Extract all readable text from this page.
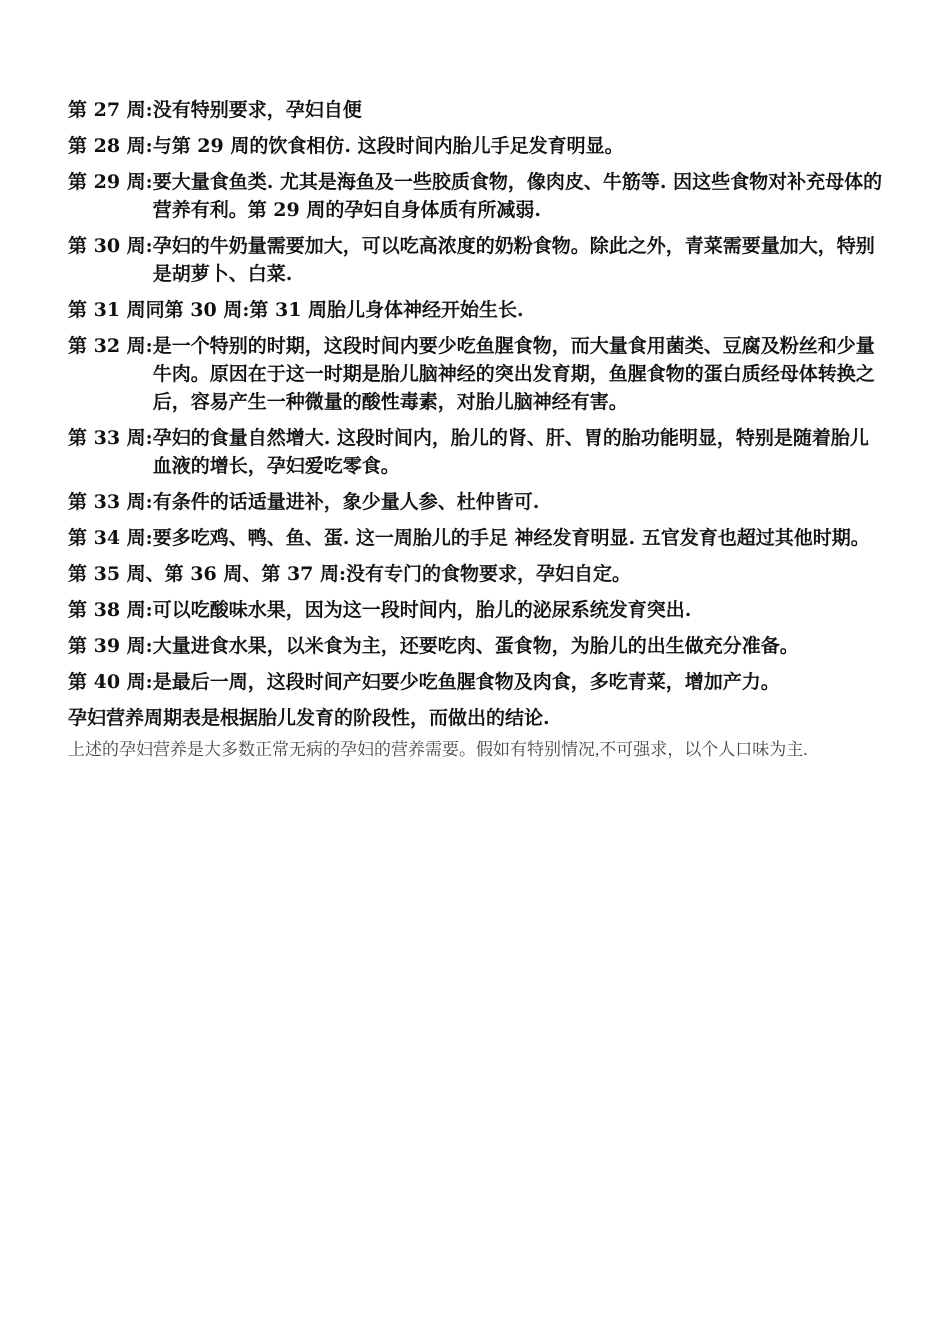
第 27 周: 没有特别要求，孕妇自便
第 28 周: 与第 29 周的饮食相仿. 这段时间内胎儿手足发育明显。
第 29 周: 要大量食鱼类. 尤其是海鱼及一些胶质食物，像肉皮、牛筋等. 因这些食物对补充母体的营养有利。第 29 周的孕妇自身体质有所减弱.
第 30 周: 孕妇的牛奶量需要加大，可以吃高浓度的奶粉食物。除此之外，青菜需要量加大，特别是胡萝卜、白菜.
第 31 周同第 30 周: 第 31 周胎儿身体神经开始生长.
第 32 周: 是一个特别的时期，这段时间内要少吃鱼腥食物，而大量食用菌类、豆腐及粉丝和少量牛肉。原因在于这一时期是胎儿脑神经的突出发育期，鱼腥食物的蛋白质经母体转换之后，容易产生一种微量的酸性毒素，对胎儿脑神经有害。
第 33 周: 孕妇的食量自然增大. 这段时间内，胎儿的肾、肝、胃的胎功能明显，特别是随着胎儿血液的增长，孕妇爱吃零食。
第 33 周: 有条件的话适量进补，象少量人参、杜仲皆可.
第 34 周: 要多吃鸡、鸭、鱼、蛋. 这一周胎儿的手足 神经发育明显. 五官发育也超过其他时期。
第 35 周、第 36 周、第 37 周: 没有专门的食物要求，孕妇自定。
第 38 周: 可以吃酸味水果，因为这一段时间内，胎儿的泌尿系统发育突出.
第 39 周: 大量进食水果，以米食为主，还要吃肉、蛋食物，为胎儿的出生做充分准备。
第 40 周: 是最后一周，这段时间产妇要少吃鱼腥食物及肉食，多吃青菜，增加产力。
孕妇营养周期表是根据胎儿发育的阶段性，而做出的结论.
上述的孕妇营养是大多数正常无病的孕妇的营养需要。假如有特别情况,不可强求，以个人口味为主.
